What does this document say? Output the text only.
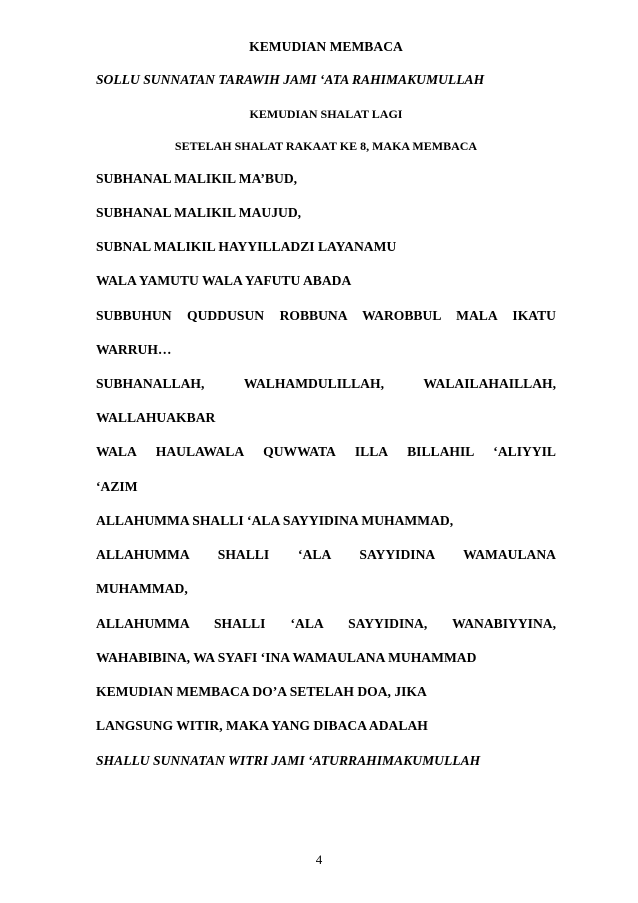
KEMUDIAN MEMBACA
SOLLU SUNNATAN TARAWIH JAMI ‘ATA RAHIMAKUMULLAH
KEMUDIAN SHALAT LAGI
SETELAH SHALAT RAKAAT KE 8, MAKA MEMBACA
SUBHANAL MALIKIL MA’BUD,
SUBHANAL MALIKIL MAUJUD,
SUBNAL MALIKIL HAYYILLADZI LAYANAMU
WALA YAMUTU WALA YAFUTU ABADA
SUBBUHUN QUDDUSUN ROBBUNA WAROBBUL MALA IKATU
WARRUH…
SUBHANALLAH, WALHAMDULILLAH, WALAILAHAILLAH,
WALLAHUAKBAR
WALA HAULAWALA QUWWATA ILLA BILLAHIL ‘ALIYYIL
‘AZIM
ALLAHUMMA SHALLI ‘ALA SAYYIDINA MUHAMMAD,
ALLAHUMMA SHALLI ‘ALA SAYYIDINA WAMAULANA
MUHAMMAD,
ALLAHUMMA SHALLI ‘ALA SAYYIDINA, WANABIYYINA,
WAHABIBINA, WA SYAFI ‘INA WAMAULANA MUHAMMAD
KEMUDIAN MEMBACA DO’A SETELAH DOA, JIKA
LANGSUNG WITIR, MAKA YANG DIBACA ADALAH
SHALLU SUNNATAN WITRI JAMI ‘ATURRAHIMAKUMULLAH
4
